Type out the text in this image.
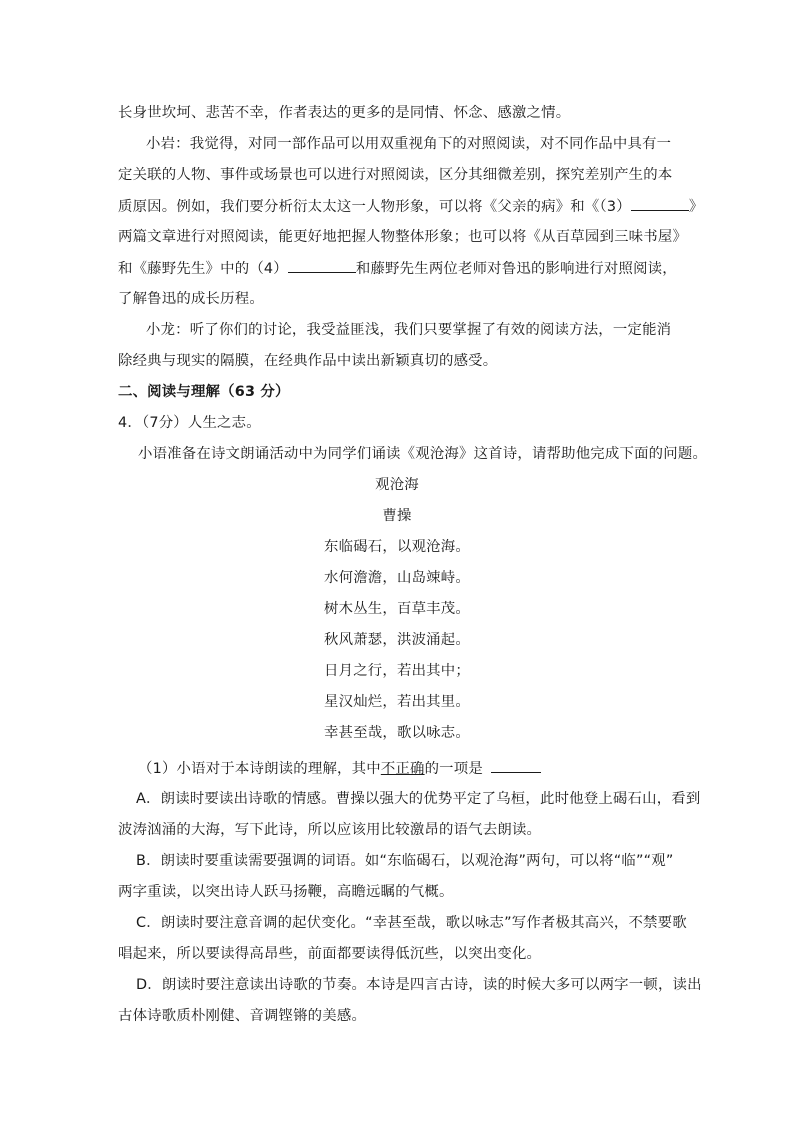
长身世坎坷、悲苦不幸，作者表达的更多的是同情、怀念、感激之情。
小岩：我觉得，对同一部作品可以用双重视角下的对照阅读，对不同作品中具有一
定关联的人物、事件或场景也可以进行对照阅读，区分其细微差别，探究差别产生的本
质原因。例如，我们要分析衍太太这一人物形象，可以将《父亲的病》和《（3）	》
两篇文章进行对照阅读，能更好地把握人物整体形象；也可以将《从百草园到三味书屋》
和《藤野先生》中的（4）	和藤野先生两位老师对鲁迅的影响进行对照阅读，
了解鲁迅的成长历程。
小龙：听了你们的讨论，我受益匪浅，我们只要掌握了有效的阅读方法，一定能消
除经典与现实的隔膜，在经典作品中读出新颖真切的感受。
二、阅读与理解（63 分）
4．（7分）人生之志。
小语准备在诗文朗诵活动中为同学们诵读《观沧海》这首诗，请帮助他完成下面的问题。
观沧海
曹操
东临碣石，以观沧海。
水何澹澹，山岛竦峙。
树木丛生，百草丰茂。
秋风萧瑟，洪波涌起。
日月之行，若出其中；
星汉灿烂，若出其里。
幸甚至哉，歌以咏志。
（1）小语对于本诗朗读的理解，其中不正确的一项是
A．朗读时要读出诗歌的情感。曹操以强大的优势平定了乌桓，此时他登上碣石山，看到
波涛汹涌的大海，写下此诗，所以应该用比较激昂的语气去朗读。
B．朗读时要重读需要强调的词语。如“东临碣石，以观沧海”两句，可以将“临”“观”
两字重读，以突出诗人跃马扬鞭，高瞻远瞩的气概。
C．朗读时要注意音调的起伏变化。“幸甚至哉，歌以咏志”写作者极其高兴，不禁要歌
唱起来，所以要读得高昂些，前面都要读得低沉些，以突出变化。
D．朗读时要注意读出诗歌的节奏。本诗是四言古诗，读的时候大多可以两字一顿，读出
古体诗歌质朴刚健、音调铿锵的美感。
